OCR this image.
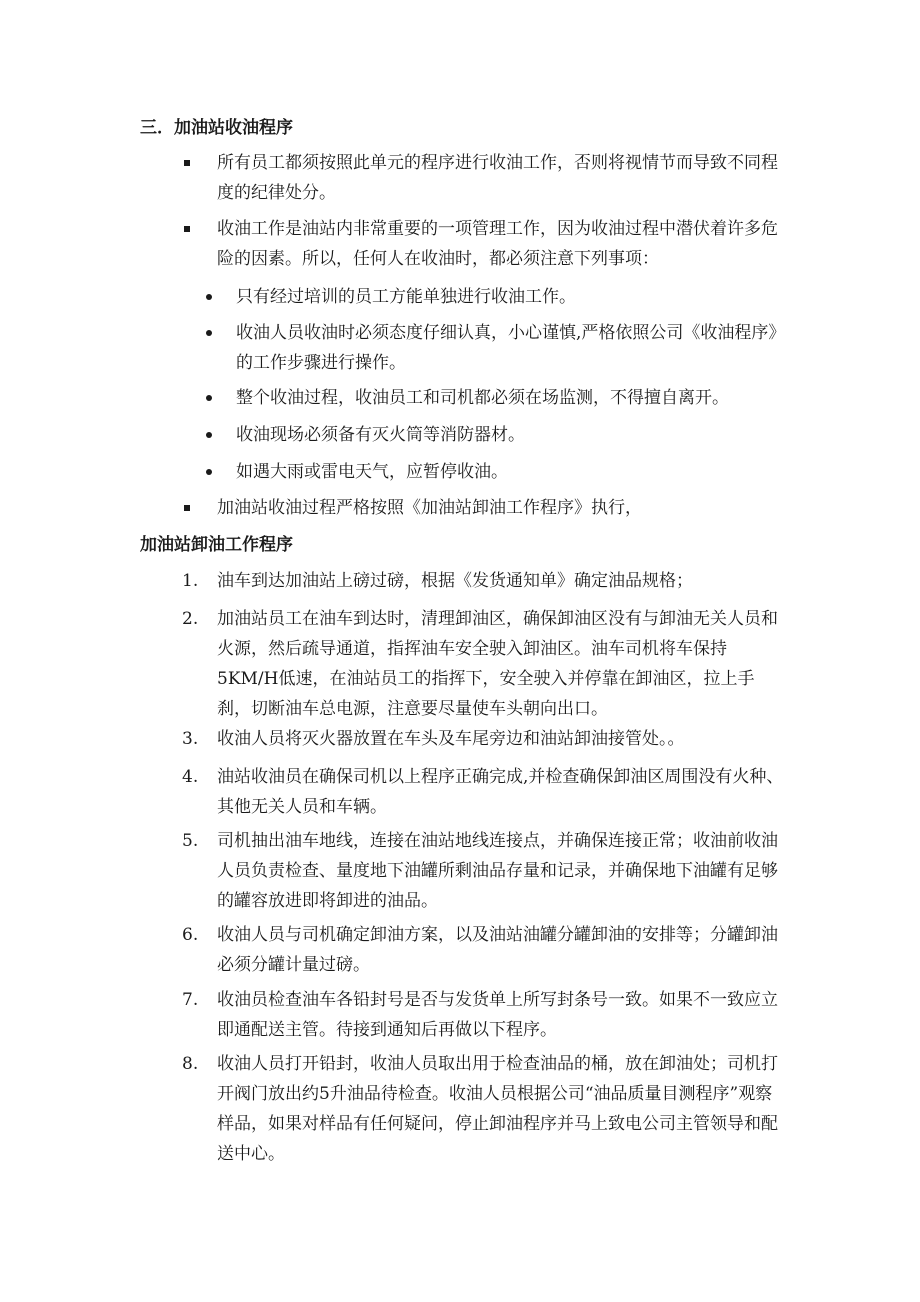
三．加油站收油程序
所有员工都须按照此单元的程序进行收油工作，否则将视情节而导致不同程度的纪律处分。
收油工作是油站内非常重要的一项管理工作，因为收油过程中潜伏着许多危险的因素。所以，任何人在收油时，都必须注意下列事项：
只有经过培训的员工方能单独进行收油工作。
收油人员收油时必须态度仔细认真，小心谨慎,严格依照公司《收油程序》的工作步骤进行操作。
整个收油过程，收油员工和司机都必须在场监测，不得擅自离开。
收油现场必须备有灭火筒等消防器材。
如遇大雨或雷电天气，应暂停收油。
加油站收油过程严格按照《加油站卸油工作程序》执行，
加油站卸油工作程序
1. 油车到达加油站上磅过磅，根据《发货通知单》确定油品规格；
2. 加油站员工在油车到达时，清理卸油区，确保卸油区没有与卸油无关人员和火源，然后疏导通道，指挥油车安全驶入卸油区。油车司机将车保持5KM/H低速，在油站员工的指挥下，安全驶入并停靠在卸油区，拉上手刹，切断油车总电源，注意要尽量使车头朝向出口。
3. 收油人员将灭火器放置在车头及车尾旁边和油站卸油接管处。。
4. 油站收油员在确保司机以上程序正确完成,并检查确保卸油区周围没有火种、其他无关人员和车辆。
5. 司机抽出油车地线，连接在油站地线连接点，并确保连接正常；收油前收油人员负责检查、量度地下油罐所剩油品存量和记录，并确保地下油罐有足够的罐容放进即将卸进的油品。
6. 收油人员与司机确定卸油方案，以及油站油罐分罐卸油的安排等；分罐卸油必须分罐计量过磅。
7. 收油员检查油车各铅封号是否与发货单上所写封条号一致。如果不一致应立即通配送主管。待接到通知后再做以下程序。
8. 收油人员打开铅封，收油人员取出用于检查油品的桶，放在卸油处；司机打开阀门放出约5升油品待检查。收油人员根据公司“油品质量目测程序”观察样品，如果对样品有任何疑问，停止卸油程序并马上致电公司主管领导和配送中心。
